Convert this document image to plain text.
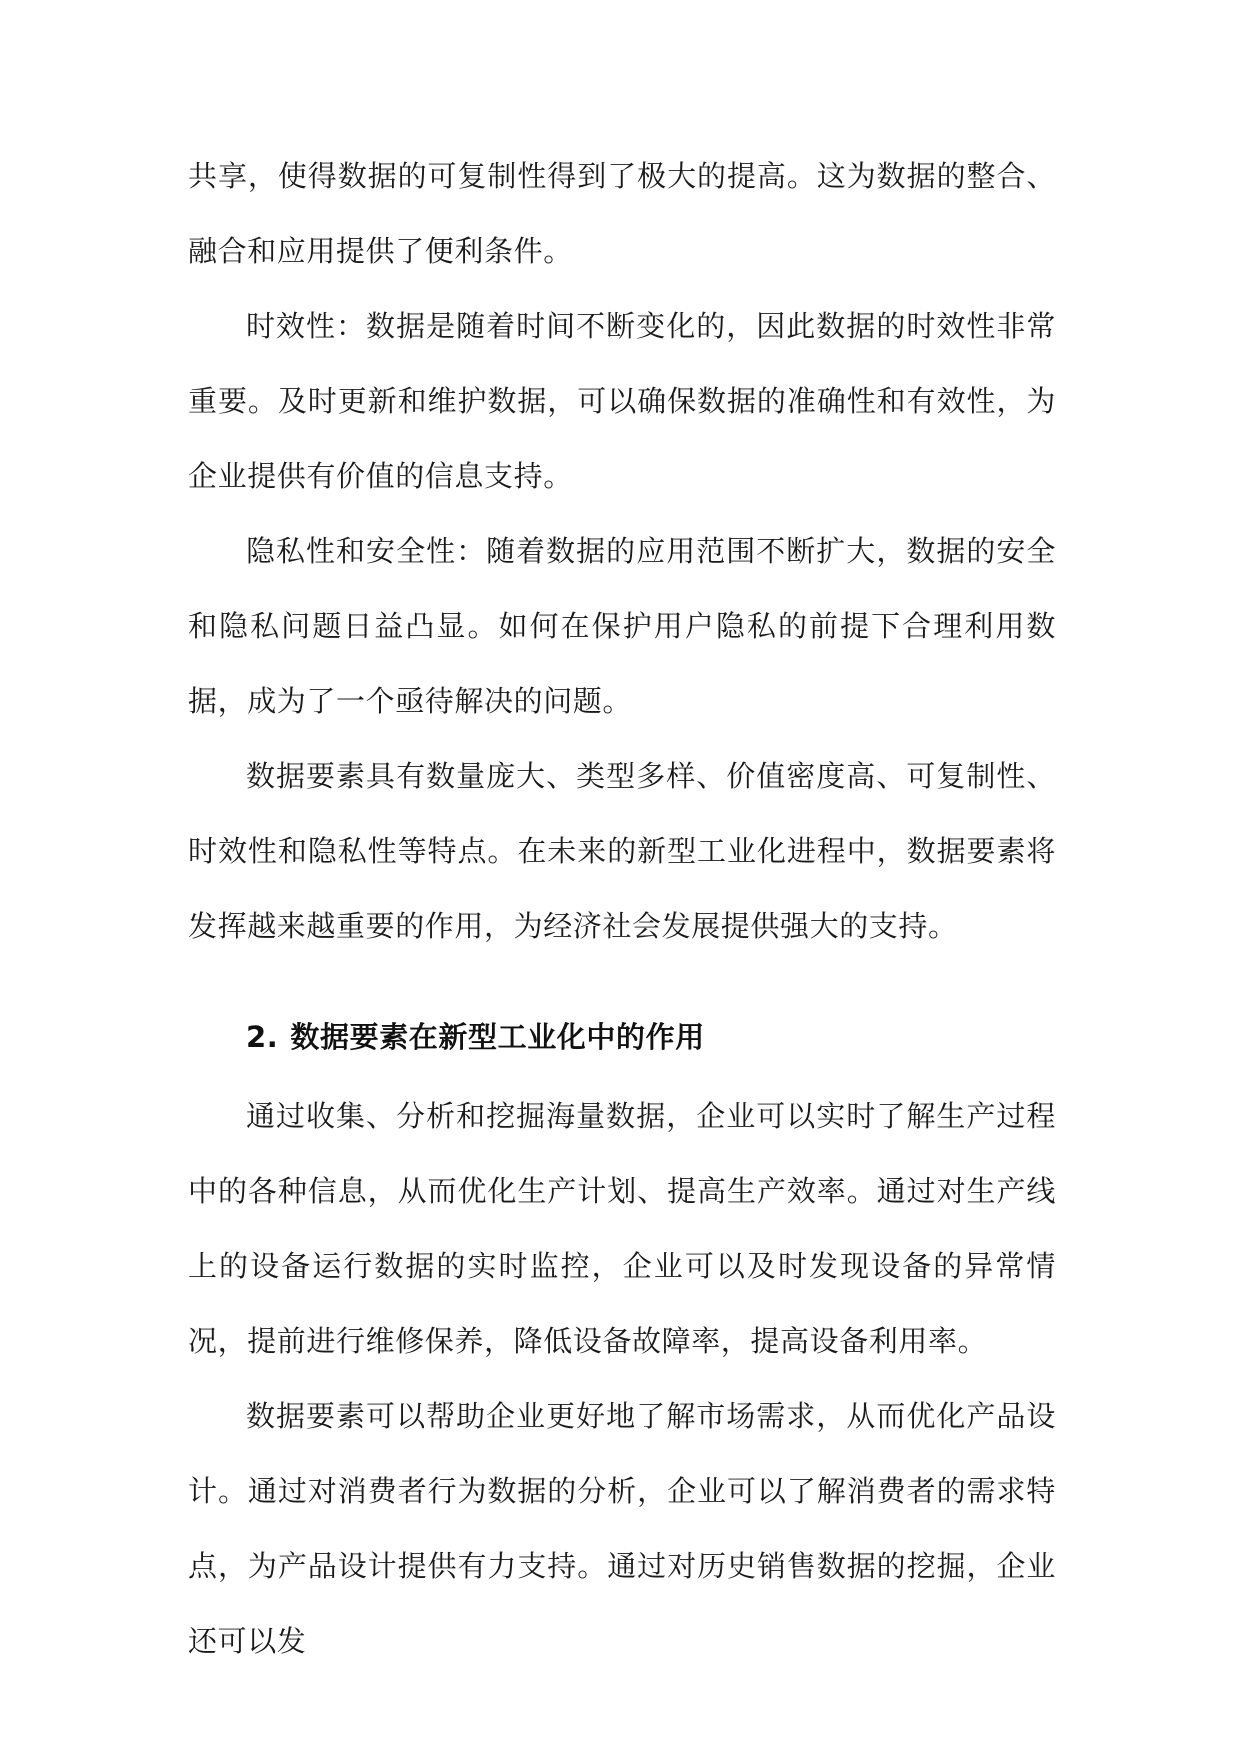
共享，使得数据的可复制性得到了极大的提高。这为数据的整合、融合和应用提供了便利条件。

时效性：数据是随着时间不断变化的，因此数据的时效性非常重要。及时更新和维护数据，可以确保数据的准确性和有效性，为企业提供有价值的信息支持。

隐私性和安全性：随着数据的应用范围不断扩大，数据的安全和隐私问题日益凸显。如何在保护用户隐私的前提下合理利用数据，成为了一个亟待解决的问题。

数据要素具有数量庞大、类型多样、价值密度高、可复制性、时效性和隐私性等特点。在未来的新型工业化进程中，数据要素将发挥越来越重要的作用，为经济社会发展提供强大的支持。

2. 数据要素在新型工业化中的作用

通过收集、分析和挖掘海量数据，企业可以实时了解生产过程中的各种信息，从而优化生产计划、提高生产效率。通过对生产线上的设备运行数据的实时监控，企业可以及时发现设备的异常情况，提前进行维修保养，降低设备故障率，提高设备利用率。

数据要素可以帮助企业更好地了解市场需求，从而优化产品设计。通过对消费者行为数据的分析，企业可以了解消费者的需求特点，为产品设计提供有力支持。通过对历史销售数据的挖掘，企业还可以发
